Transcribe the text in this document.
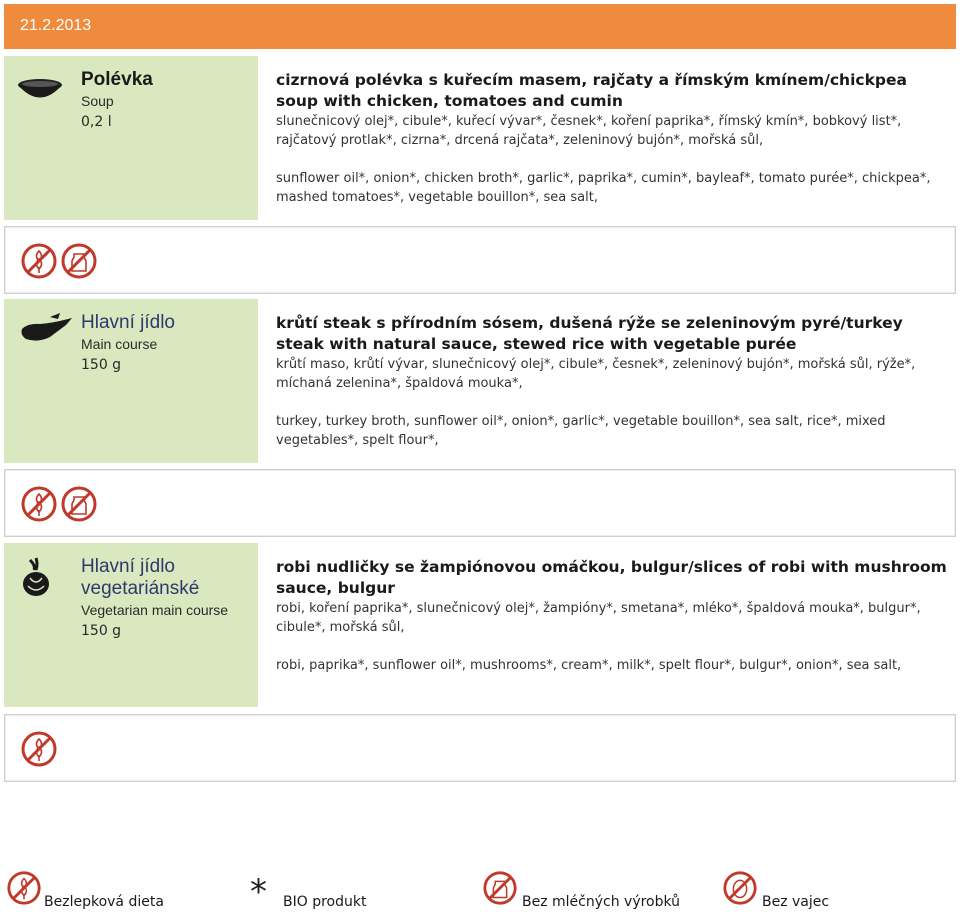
21.2.2013
Polévka
Soup
0,2 l
cizrnová polévka s kuřecím masem, rajčaty a římským kmínem/chickpea soup with chicken, tomatoes and cumin
slunečnicový olej*, cibule*, kuřecí vývar*, česnek*, koření paprika*, římský kmín*, bobkový list*, rajčatový protlak*, cizrna*, drcená rajčata*, zeleninový bujón*, mořská sůl,
sunflower oil*, onion*, chicken broth*, garlic*, paprika*, cumin*, bayleaf*, tomato purée*, chickpea*, mashed tomatoes*, vegetable bouillon*, sea salt,
Hlavní jídlo
Main course
150 g
krůtí steak s přírodním sósem, dušená rýže se zeleninovým pyré/turkey steak with natural sauce, stewed rice with vegetable purée
krůtí maso, krůtí vývar, slunečnicový olej*, cibule*, česnek*, zeleninový bujón*, mořská sůl, rýže*, míchaná zelenina*, špaldová mouka*,
turkey, turkey broth, sunflower oil*, onion*, garlic*, vegetable bouillon*, sea salt, rice*, mixed vegetables*, spelt flour*,
Hlavní jídlo vegetariánské
Vegetarian main course
150 g
robi nudličky se žampiónovou omáčkou, bulgur/slices of robi with mushroom sauce, bulgur
robi, koření paprika*, slunečnicový olej*, žampióny*, smetana*, mléko*, špaldová mouka*, bulgur*, cibule*, mořská sůl,
robi, paprika*, sunflower oil*, mushrooms*, cream*, milk*, spelt flour*, bulgur*, onion*, sea salt,
Bezlepková dieta	* BIO produkt	Bez mléčných výrobků	Bez vajec
